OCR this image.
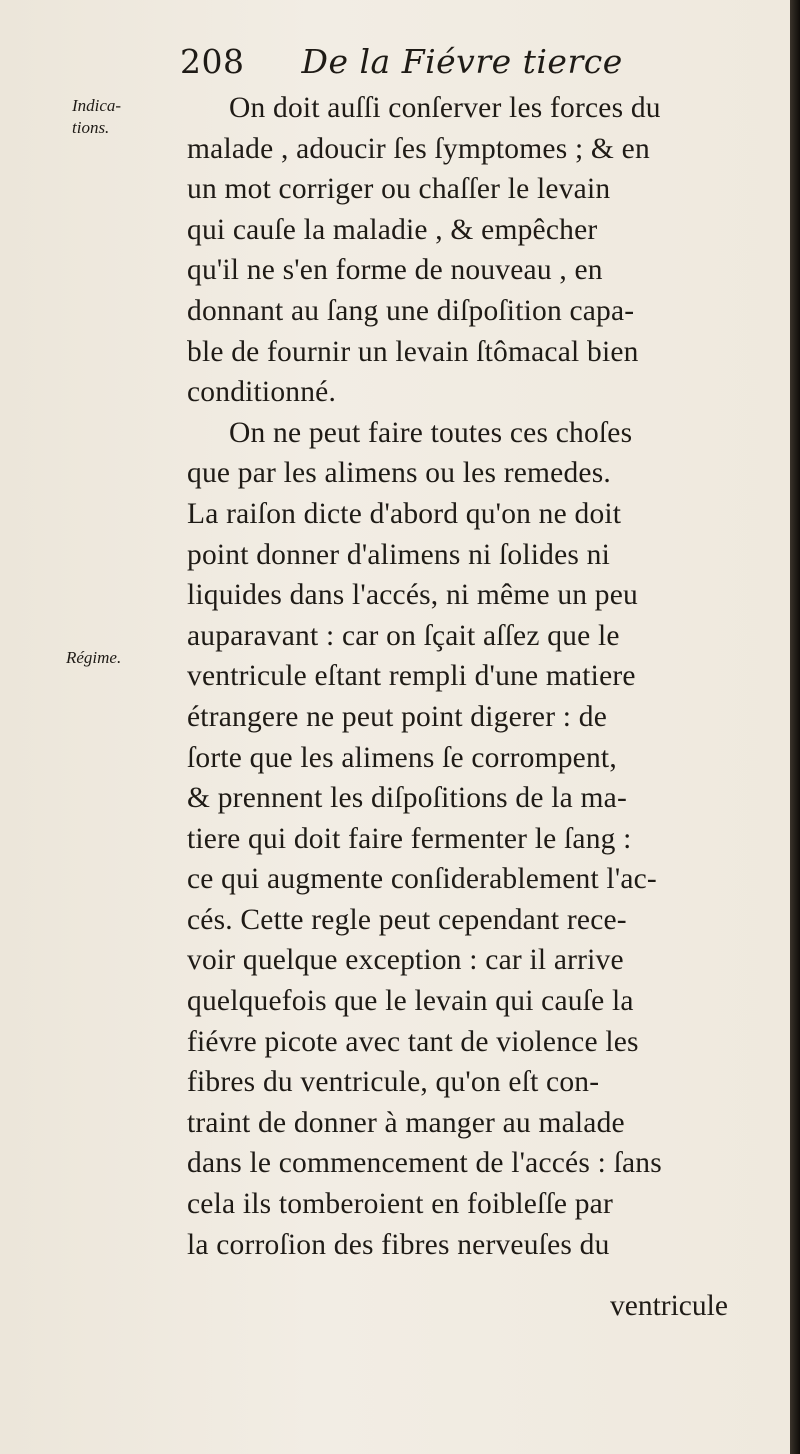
208 De la Fiévre tierce
Indica-
tions.
Régime.
On doit auſſi conſerver les forces du
malade , adoucir ſes ſymptomes ; & en
un mot corriger ou chaſſer le levain
qui cauſe la maladie , & empêcher
qu'il ne s'en forme de nouveau , en
donnant au ſang une diſpoſition capa-
ble de fournir un levain ſtômacal bien
conditionné.
On ne peut faire toutes ces choſes
que par les alimens ou les remedes.
La raiſon dicte d'abord qu'on ne doit
point donner d'alimens ni ſolides ni
liquides dans l'accés, ni même un peu
auparavant : car on ſçait aſſez que le
ventricule eſtant rempli d'une matiere
étrangere ne peut point digerer : de
ſorte que les alimens ſe corrompent,
& prennent les diſpoſitions de la ma-
tiere qui doit faire fermenter le ſang :
ce qui augmente conſiderablement l'ac-
cés. Cette regle peut cependant rece-
voir quelque exception : car il arrive
quelquefois que le levain qui cauſe la
fiévre picote avec tant de violence les
fibres du ventricule, qu'on eſt con-
traint de donner à manger au malade
dans le commencement de l'accés : ſans
cela ils tomberoient en foibleſſe par
la corroſion des fibres nerveuſes du
ventricule
